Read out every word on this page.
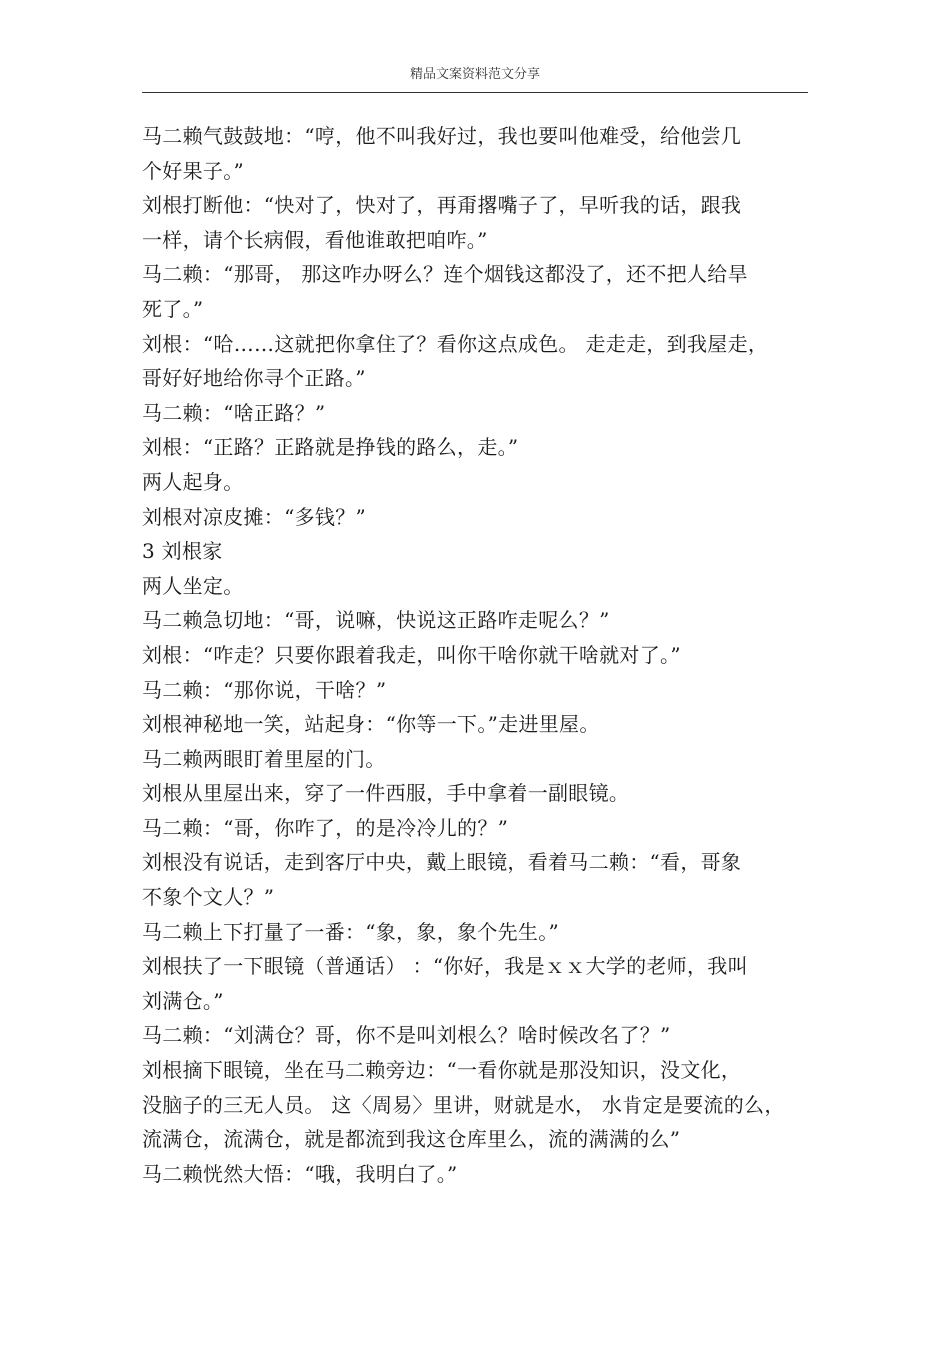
精品文案资料范文分享
马二赖气鼓鼓地：“哼，他不叫我好过，我也要叫他难受，给他尝几
个好果子。”
刘根打断他：“快对了，快对了，再甭撂嘴子了，早听我的话，跟我
一样，请个长病假，看他谁敢把咱咋。”
马二赖：“那哥， 那这咋办呀么？连个烟钱这都没了，还不把人给旱
死了。”
刘根：“哈……这就把你拿住了？看你这点成色。 走走走，到我屋走，
哥好好地给你寻个正路。”
马二赖：“啥正路？”
刘根：“正路？正路就是挣钱的路么，走。”
两人起身。
刘根对凉皮摊：“多钱？”
3 刘根家
两人坐定。
马二赖急切地：“哥，说嘛，快说这正路咋走呢么？”
刘根：“咋走？只要你跟着我走，叫你干啥你就干啥就对了。”
马二赖：“那你说，干啥？”
刘根神秘地一笑，站起身：“你等一下。”走进里屋。
马二赖两眼盯着里屋的门。
刘根从里屋出来，穿了一件西服，手中拿着一副眼镜。
马二赖：“哥，你咋了，的是冷冷儿的？”
刘根没有说话，走到客厅中央，戴上眼镜，看着马二赖：“看，哥象
不象个文人？”
马二赖上下打量了一番：“象，象，象个先生。”
刘根扶了一下眼镜（普通话） ：“你好，我是ｘｘ大学的老师，我叫
刘满仓。”
马二赖：“刘满仓？哥，你不是叫刘根么？啥时候改名了？”
刘根摘下眼镜，坐在马二赖旁边：“一看你就是那没知识，没文化，
没脑子的三无人员。 这〈周易〉里讲，财就是水， 水肯定是要流的么，
流满仓，流满仓，就是都流到我这仓库里么，流的满满的么”
马二赖恍然大悟：“哦，我明白了。”
